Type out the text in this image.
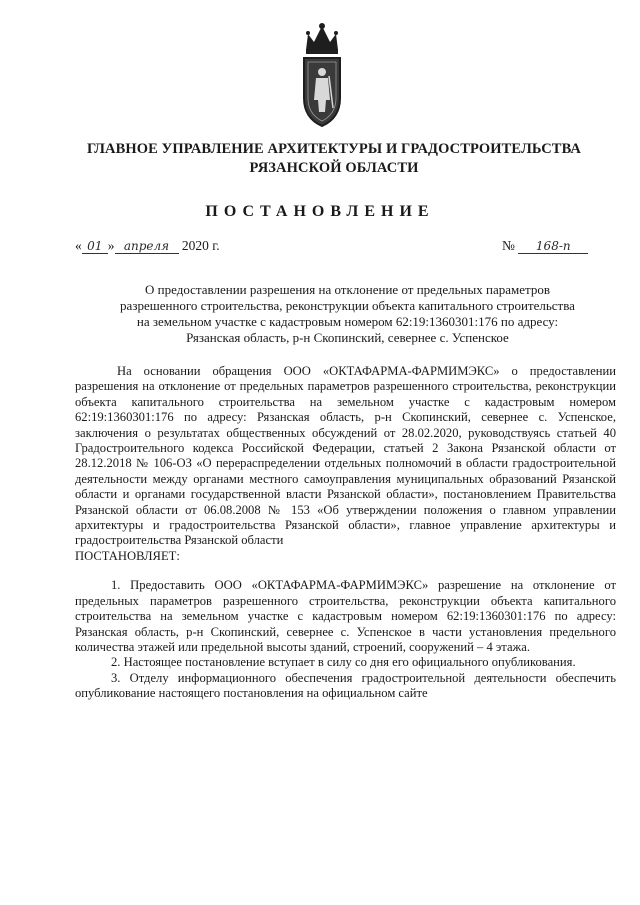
ГЛАВНОЕ УПРАВЛЕНИЕ АРХИТЕКТУРЫ И ГРАДОСТРОИТЕЛЬСТВА
РЯЗАНСКОЙ ОБЛАСТИ
ПОСТАНОВЛЕНИЕ
« 01 » апреля 2020 г.	№ 168-п
О предоставлении разрешения на отклонение от предельных параметров
разрешенного строительства, реконструкции объекта капитального строительства
на земельном участке с кадастровым номером 62:19:1360301:176 по адресу:
Рязанская область, р-н Скопинский, севернее с. Успенское

На основании обращения ООО «ОКТАФАРМА-ФАРМИМЭКС» о предоставлении разрешения на отклонение от предельных параметров разрешенного строительства, реконструкции объекта капитального строительства на земельном участке с кадастровым номером 62:19:1360301:176 по адресу: Рязанская область, р-н Скопинский, севернее с. Успенское, заключения о результатах общественных обсуждений от 28.02.2020, руководствуясь статьей 40 Градостроительного кодекса Российской Федерации, статьей 2 Закона Рязанской области от 28.12.2018 № 106-ОЗ «О перераспределении отдельных полномочий в области градостроительной деятельности между органами местного самоуправления муниципальных образований Рязанской области и органами государственной власти Рязанской области», постановлением Правительства Рязанской области от 06.08.2008 № 153 «Об утверждении положения о главном управлении архитектуры и градостроительства Рязанской области», главное управление архитектуры и градостроительства Рязанской области

ПОСТАНОВЛЯЕТ:

1. Предоставить ООО «ОКТАФАРМА-ФАРМИМЭКС» разрешение на отклонение от предельных параметров разрешенного строительства, реконструкции объекта капитального строительства на земельном участке с кадастровым номером 62:19:1360301:176 по адресу: Рязанская область, р-н Скопинский, севернее с. Успенское в части установления предельного количества этажей или предельной высоты зданий, строений, сооружений – 4 этажа.

2. Настоящее постановление вступает в силу со дня его официального опубликования.

3. Отделу информационного обеспечения градостроительной деятельности обеспечить опубликование настоящего постановления на официальном сайте
